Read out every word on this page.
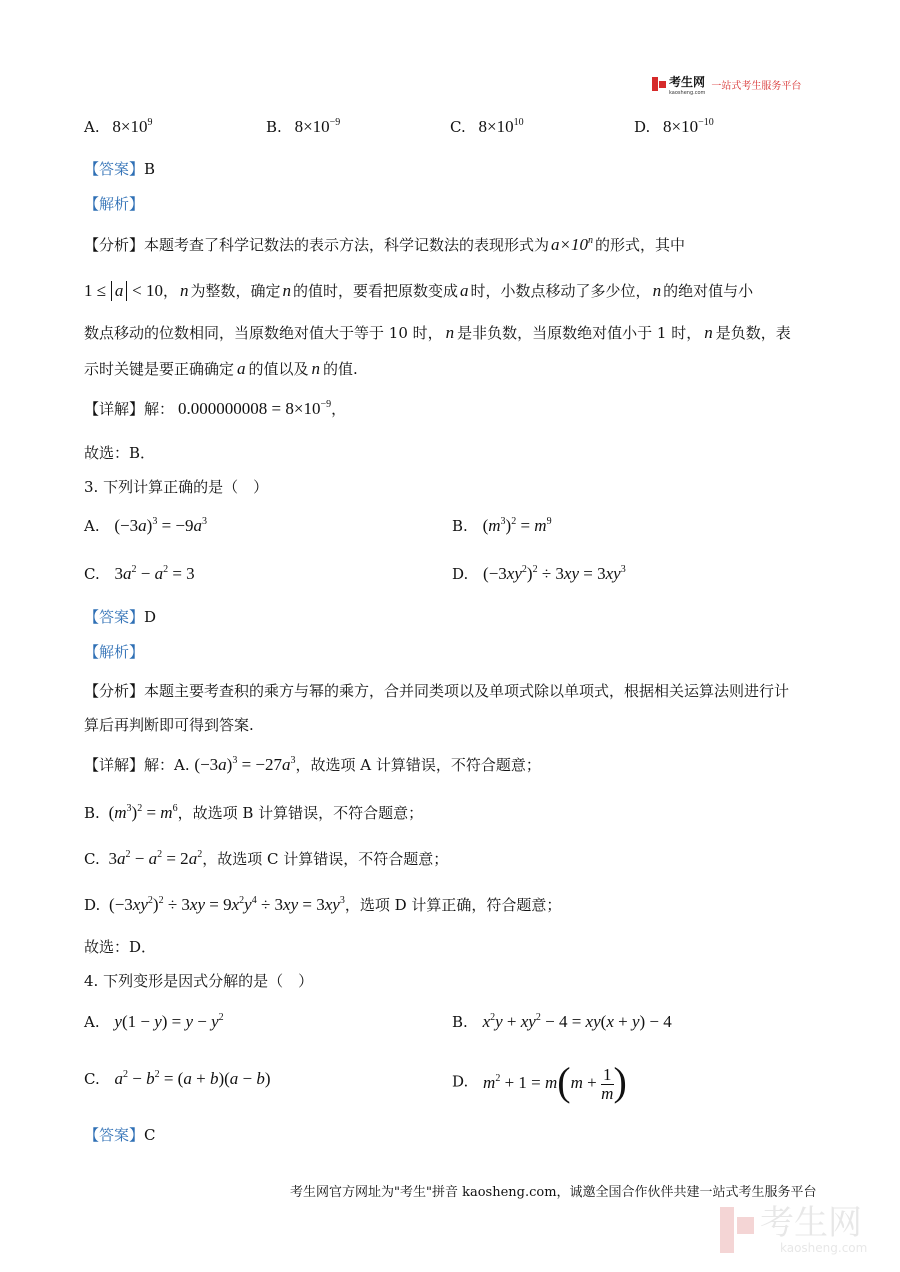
考生网
kaosheng.com
一站式考生服务平台
A. $8\times 10^9$	B. $8\times 10^{-9}$	C. $8\times 10^{10}$	D. $8\times 10^{-10}$
【答案】B
【解析】
【分析】本题考查了科学记数法的表示方法，科学记数法的表现形式为 $a\times 10^n$ 的形式，其中
1 ≤ a < 10， n 为整数，确定 n 的值时，要看把原数变成 a 时，小数点移动了多少位， n 的绝对值与小
数点移动的位数相同，当原数绝对值大于等于 10 时， n 是非负数，当原数绝对值小于 1 时， n 是负数，表
示时关键是要正确确定 a 的值以及 n 的值.
【详解】解： $0.000000008 = 8\times 10^{-9}$，
故选：B．
3. 下列计算正确的是（　）
A. $(-3a)^3 = -9a^3$	B. $(m^3)^2 = m^9$
C. $3a^2 - a^2 = 3$	D. $(-3xy^2)^2 \div 3xy = 3xy^3$
【答案】D
【解析】
【分析】本题主要考查积的乘方与幂的乘方，合并同类项以及单项式除以单项式，根据相关运算法则进行计
算后再判断即可得到答案.
【详解】解：A. $(-3a)^3 = -27a^3$，故选项 A 计算错误，不符合题意；
B. $(m^3)^2 = m^6$，故选项 B 计算错误，不符合题意；
C. $3a^2 - a^2 = 2a^2$，故选项 C 计算错误，不符合题意；
D. $(-3xy^2)^2 \div 3xy = 9x^2y^4 \div 3xy = 3xy^3$，选项 D 计算正确，符合题意；
故选：D．
4. 下列变形是因式分解的是（　）
A. $y(1 - y) = y - y^2$	B. $x^2y + xy^2 - 4 = xy(x + y) - 4$
C. $a^2 - b^2 = (a + b)(a - b)$	D. $m^2 + 1 = m(m + \frac{1}{m}$ )
【答案】C
考生网官方网址为"考生"拼音 kaosheng.com，诚邀全国合作伙伴共建一站式考生服务平台
考生网
kaosheng.com
